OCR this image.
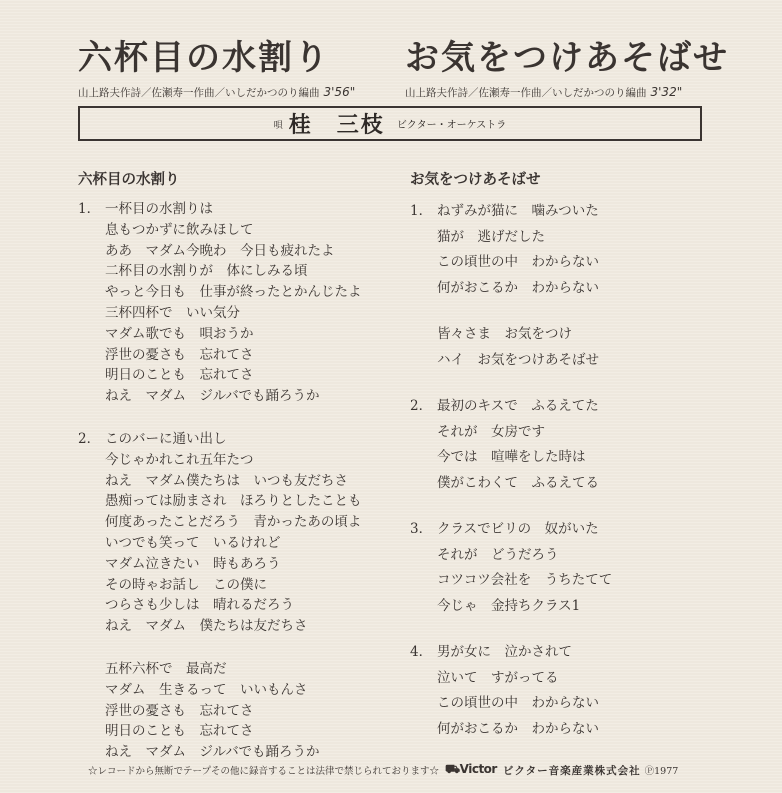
六杯目の水割り お気をつけあそばせ
山上路夫作詩／佐瀬寿一作曲／いしだかつのり編曲 3'56"	山上路夫作詩／佐瀬寿一作曲／いしだかつのり編曲 3'32"
唄 桂 三枝 ビクター・オーケストラ
六杯目の水割り
1． 一杯目の水割りは
息もつかずに飲みほして
ああ　マダム今晩わ　今日も疲れたよ
二杯目の水割りが　体にしみる頃
やっと今日も　仕事が終ったとかんじたよ
三杯四杯で　いい気分
マダム歌でも　唄おうか
浮世の憂さも　忘れてさ
明日のことも　忘れてさ
ねえ　マダム　ジルバでも踊ろうか
2． このバーに通い出し
今じゃかれこれ五年たつ
ねえ　マダム僕たちは　いつも友だちさ
愚痴っては励まされ　ほろりとしたことも
何度あったことだろう　青かったあの頃よ
いつでも笑って　いるけれど
マダム泣きたい　時もあろう
その時ゃお話し　この僕に
つらさも少しは　晴れるだろう
ねえ　マダム　僕たちは友だちさ
五杯六杯で　最高だ
マダム　生きるって　いいもんさ
浮世の憂さも　忘れてさ
明日のことも　忘れてさ
ねえ　マダム　ジルバでも踊ろうか
お気をつけあそばせ
1． ねずみが猫に　噛みついた
猫が　逃げだした
この頃世の中　わからない
何がおこるか　わからない
皆々さま　お気をつけ
ハイ　お気をつけあそばせ
2． 最初のキスで　ふるえてた
それが　女房です
今では　喧嘩をした時は
僕がこわくて　ふるえてる
3． クラスでビリの　奴がいた
それが　どうだろう
コツコツ会社を　うちたてて
今じゃ　金持ちクラス1
4． 男が女に　泣かされて
泣いて　すがってる
この頃世の中　わからない
何がおこるか　わからない
☆レコードから無断でテープその他に録音することは法律で禁じられております☆ ⛟Victor ビクター音楽産業株式会社 Ⓟ1977
